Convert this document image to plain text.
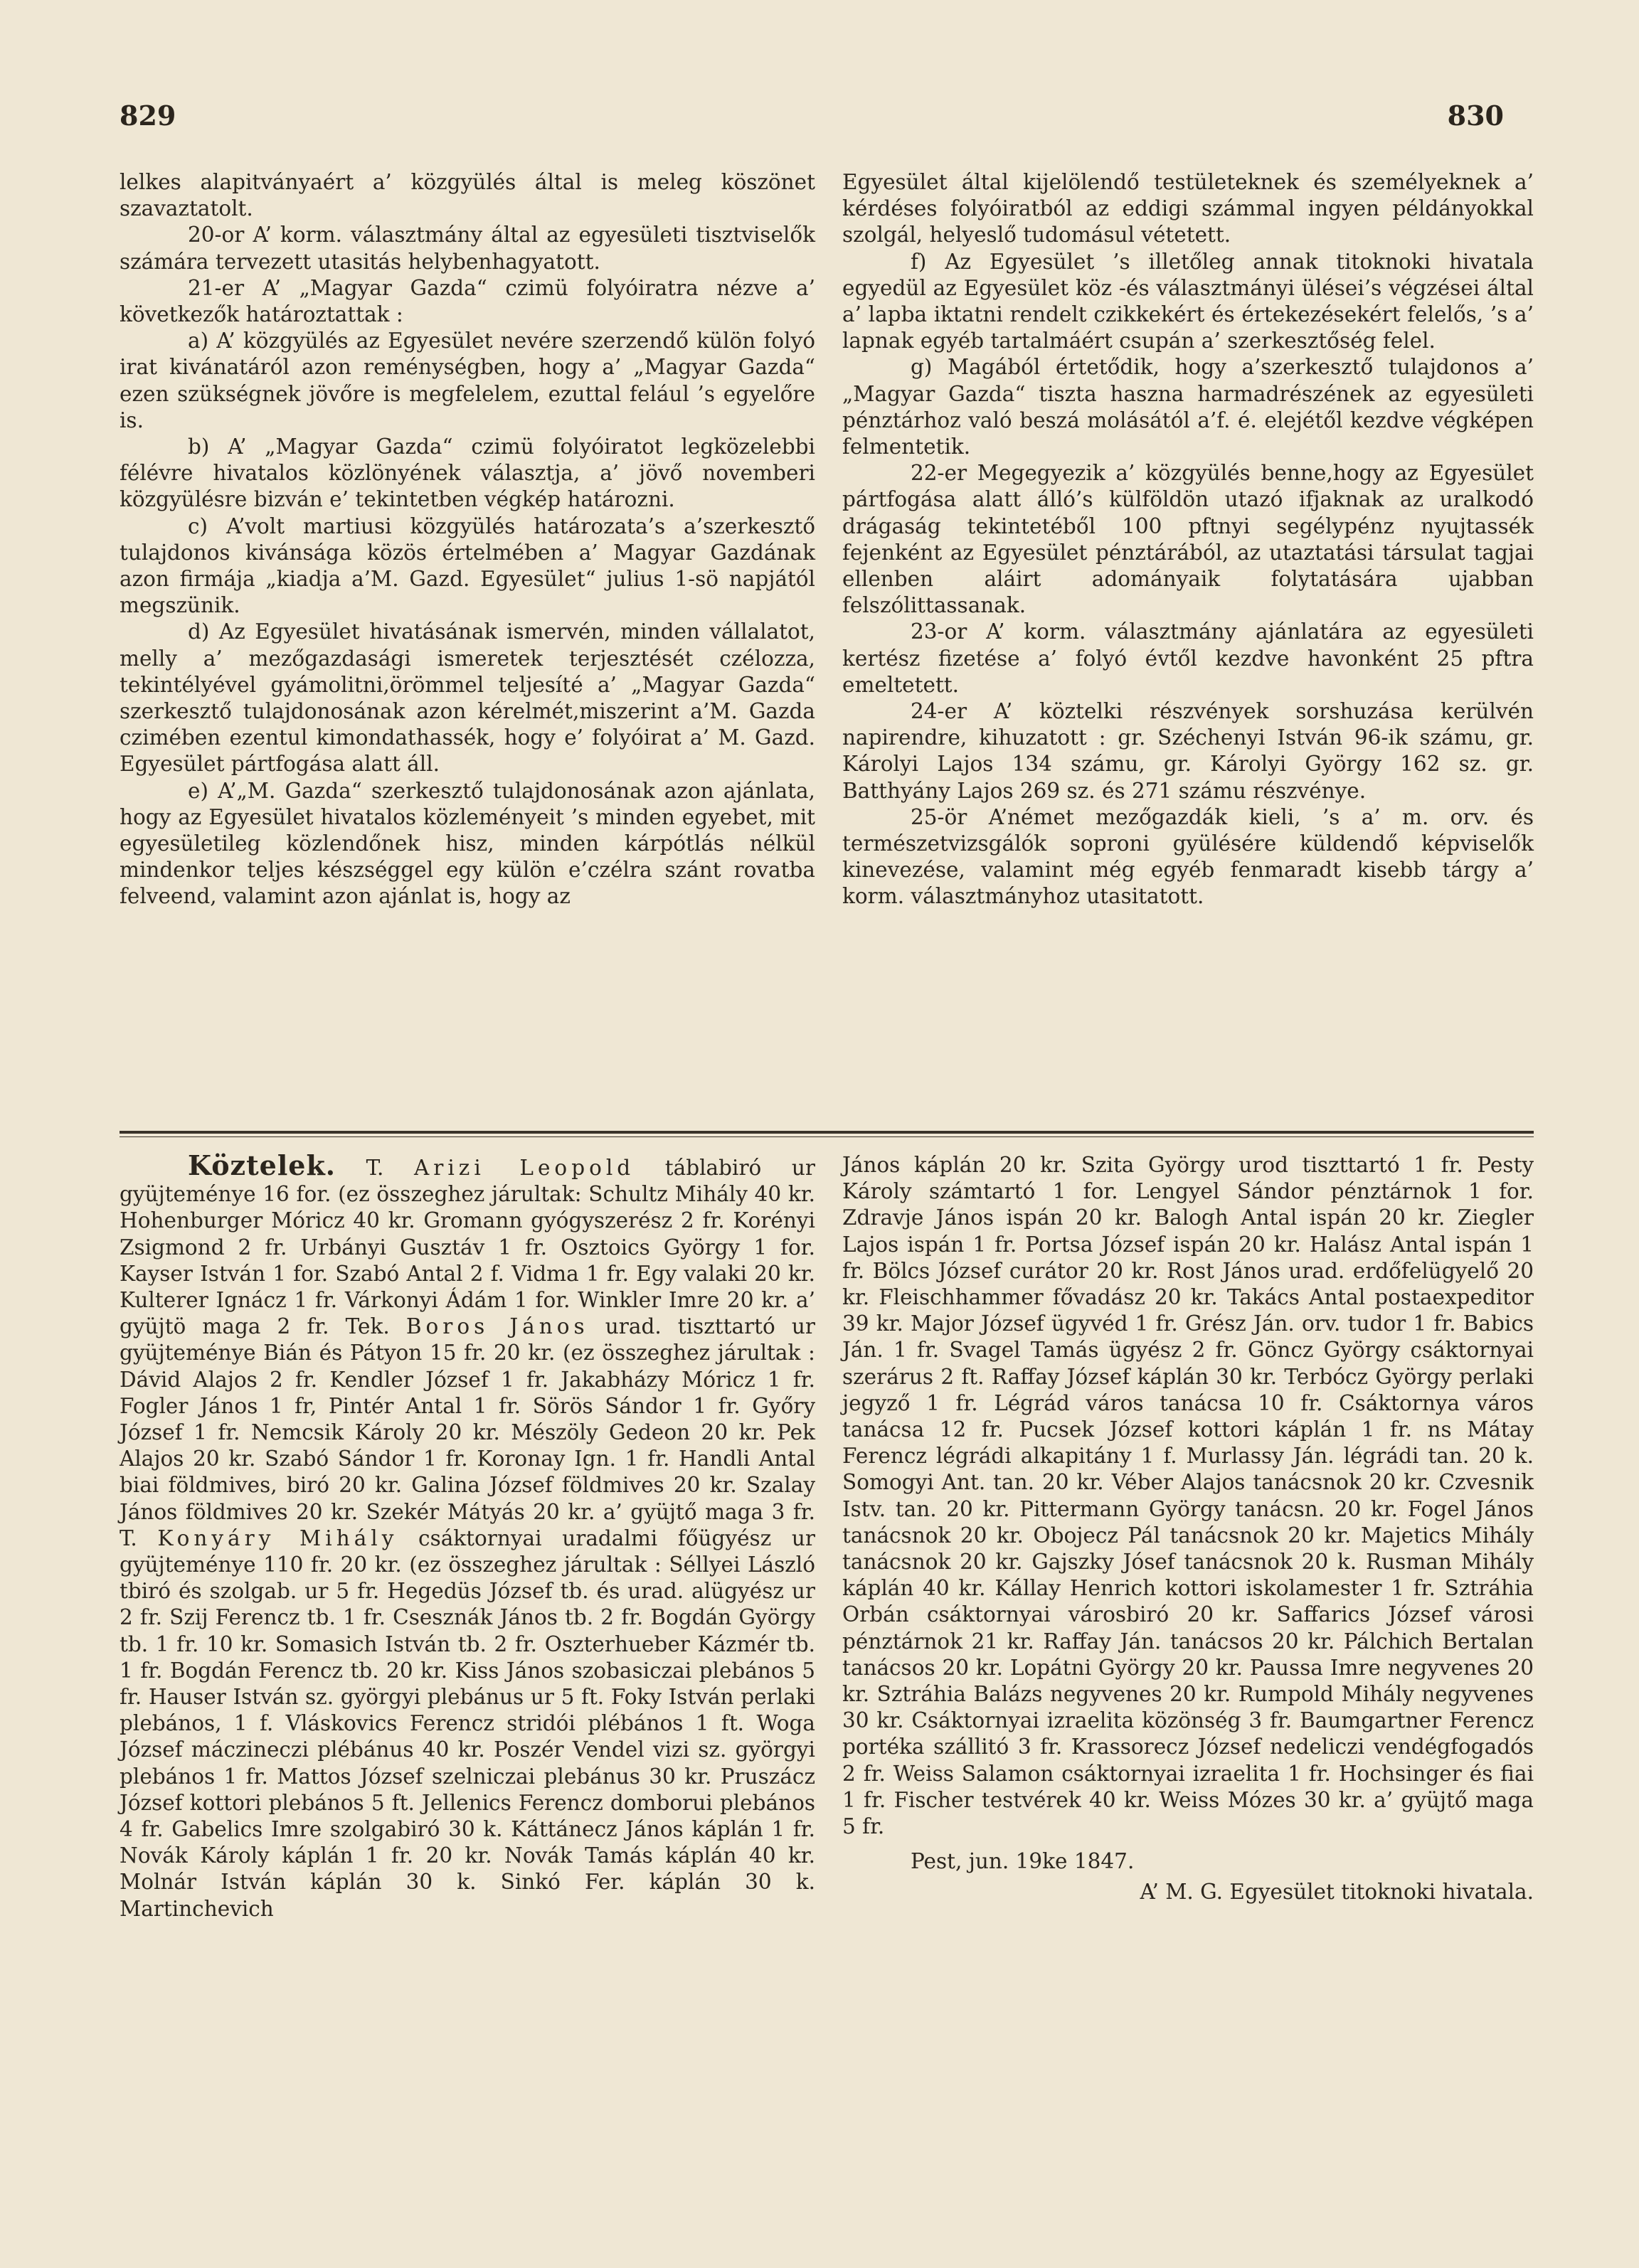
829	830

lelkes alapitványaért a’ közgyülés által is meleg köszönet szavaztatolt.

20-or A’ korm. választmány által az egyesületi tisztviselők számára tervezett utasitás helybenhagyatott.

21-er A’ „Magyar Gazda“ czimü folyóiratra nézve a’ következők határoztattak :

a) A’ közgyülés az Egyesület nevére szerzendő külön folyó irat kivánatáról azon reménységben, hogy a’ „Magyar Gazda“ ezen szükségnek jövőre is megfelelem, ezuttal felául ’s egyelőre is.

b) A’ „Magyar Gazda“ czimü folyóiratot legközelebbi félévre hivatalos közlönyének választja, a’ jövő novemberi közgyülésre bizván e’ tekintetben végkép határozni.

c) A’volt martiusi közgyülés határozata’s a’szerkesztő tulajdonos kivánsága közös értelmében a’ Magyar Gazdának azon firmája „kiadja a’M. Gazd. Egyesület“ julius 1-sö napjától megszünik.

d) Az Egyesület hivatásának ismervén, minden vállalatot, melly a’ mezőgazdasági ismeretek terjesztését czélozza, tekintélyével gyámolitni,örömmel teljesíté a’ „Magyar Gazda“ szerkesztő tulajdonosának azon kérelmét,miszerint a’M. Gazda czimében ezentul kimondathassék, hogy e’ folyóirat a’ M. Gazd. Egyesület pártfogása alatt áll.

e) A’„M. Gazda“ szerkesztő tulajdonosának azon ajánlata, hogy az Egyesület hivatalos közleményeit ’s minden egyebet, mit egyesületileg közlendőnek hisz, minden kárpótlás nélkül mindenkor teljes készséggel egy külön e’czélra szánt rovatba felveend, valamint azon ajánlat is, hogy az

Egyesület által kijelölendő testületeknek és személyeknek a’ kérdéses folyóiratból az eddigi számmal ingyen példányokkal szolgál, helyeslő tudomásul vétetett.

f) Az Egyesület ’s illetőleg annak titoknoki hivatala egyedül az Egyesület köz -és választmányi ülései’s végzései által a’ lapba iktatni rendelt czikkekért és értekezésekért felelős, ’s a’ lapnak egyéb tartalmáért csupán a’ szerkesztőség felel.

g) Magából értetődik, hogy a’szerkesztő tulajdonos a’ „Magyar Gazda“ tiszta haszna harmadrészének az egyesületi pénztárhoz való beszá molásától a’f. é. elejétől kezdve végképen felmentetik.

22-er Megegyezik a’ közgyülés benne,hogy az Egyesület pártfogása alatt álló’s külföldön utazó ifjaknak az uralkodó drágaság tekintetéből 100 pftnyi segélypénz nyujtassék fejenként az Egyesület pénztárából, az utaztatási társulat tagjai ellenben aláirt adományaik folytatására ujabban felszólittassanak.

23-or A’ korm. választmány ajánlatára az egyesületi kertész fizetése a’ folyó évtől kezdve havonként 25 pftra emeltetett.

24-er A’ köztelki részvények sorshuzása kerülvén napirendre, kihuzatott : gr. Széchenyi István 96-ik számu, gr. Károlyi Lajos 134 számu, gr. Károlyi György 162 sz. gr. Batthyány Lajos 269 sz. és 271 számu részvénye.

25-ör A’német mezőgazdák kieli, ’s a’ m. orv. és természetvizsgálók soproni gyülésére küldendő képviselők kinevezése, valamint még egyéb fenmaradt kisebb tárgy a’ korm. választmányhoz utasitatott.

Köztelek. T. Arizi Leopold táblabiró ur gyüjteménye 16 for. (ez összeghez járultak: Schultz Mihály 40 kr. Hohenburger Móricz 40 kr. Gromann gyógyszerész 2 fr. Korényi Zsigmond 2 fr. Urbányi Gusztáv 1 fr. Osztoics György 1 for. Kayser István 1 for. Szabó Antal 2 f. Vidma 1 fr. Egy valaki 20 kr. Kulterer Ignácz 1 fr. Várkonyi Ádám 1 for. Winkler Imre 20 kr. a’ gyüjtö maga 2 fr. Tek. Boros János urad. tiszttartó ur gyüjteménye Bián és Pátyon 15 fr. 20 kr. (ez összeghez járultak : Dávid Alajos 2 fr. Kendler József 1 fr. Jakabházy Móricz 1 fr. Fogler János 1 fr, Pintér Antal 1 fr. Sörös Sándor 1 fr. Győry József 1 fr. Nemcsik Károly 20 kr. Mészöly Gedeon 20 kr. Pek Alajos 20 kr. Szabó Sándor 1 fr. Koronay Ign. 1 fr. Handli Antal biai földmives, biró 20 kr. Galina József földmives 20 kr. Szalay János földmives 20 kr. Szekér Mátyás 20 kr. a’ gyüjtő maga 3 fr. T. Konyáry Mihály csáktornyai uradalmi főügyész ur gyüjteménye 110 fr. 20 kr. (ez összeghez járultak : Séllyei László tbiró és szolgab. ur 5 fr. Hegedüs József tb. és urad. alügyész ur 2 fr. Szij Ferencz tb. 1 fr. Csesznák János tb. 2 fr. Bogdán György tb. 1 fr. 10 kr. Somasich István tb. 2 fr. Oszterhueber Kázmér tb. 1 fr. Bogdán Ferencz tb. 20 kr. Kiss János szobasiczai plebános 5 fr. Hauser István sz. györgyi plebánus ur 5 ft. Foky István perlaki plebános, 1 f. Vláskovics Ferencz stridói plébános 1 ft. Woga József máczineczi plébánus 40 kr. Poszér Vendel vizi sz. györgyi plebános 1 fr. Mattos József szelniczai plebánus 30 kr. Pruszácz József kottori plebános 5 ft. Jellenics Ferencz domborui plebános 4 fr. Gabelics Imre szolgabiró 30 k. Káttánecz János káplán 1 fr. Novák Károly káplán 1 fr. 20 kr. Novák Tamás káplán 40 kr. Molnár István káplán 30 k. Sinkó Fer. káplán 30 k. Martinchevich

János káplán 20 kr. Szita György urod tiszttartó 1 fr. Pesty Károly számtartó 1 for. Lengyel Sándor pénztárnok 1 for. Zdravje János ispán 20 kr. Balogh Antal ispán 20 kr. Ziegler Lajos ispán 1 fr. Portsa József ispán 20 kr. Halász Antal ispán 1 fr. Bölcs József curátor 20 kr. Rost János urad. erdőfelügyelő 20 kr. Fleischhammer fővadász 20 kr. Takács Antal postaexpeditor 39 kr. Major József ügyvéd 1 fr. Grész Ján. orv. tudor 1 fr. Babics Ján. 1 fr. Svagel Tamás ügyész 2 fr. Göncz György csáktornyai szerárus 2 ft. Raffay József káplán 30 kr. Terbócz György perlaki jegyző 1 fr. Légrád város tanácsa 10 fr. Csáktornya város tanácsa 12 fr. Pucsek József kottori káplán 1 fr. ns Mátay Ferencz légrádi alkapitány 1 f. Murlassy Ján. légrádi tan. 20 k. Somogyi Ant. tan. 20 kr. Véber Alajos tanácsnok 20 kr. Czvesnik Istv. tan. 20 kr. Pittermann György tanácsn. 20 kr. Fogel János tanácsnok 20 kr. Obojecz Pál tanácsnok 20 kr. Majetics Mihály tanácsnok 20 kr. Gajszky Jósef tanácsnok 20 k. Rusman Mihály káplán 40 kr. Kállay Henrich kottori iskolamester 1 fr. Sztráhia Orbán csáktornyai városbiró 20 kr. Saffarics József városi pénztárnok 21 kr. Raffay Ján. tanácsos 20 kr. Pálchich Bertalan tanácsos 20 kr. Lopátni György 20 kr. Paussa Imre negyvenes 20 kr. Sztráhia Balázs negyvenes 20 kr. Rumpold Mihály negyvenes 30 kr. Csáktornyai izraelita közönség 3 fr. Baumgartner Ferencz portéka szállitó 3 fr. Krassorecz József nedeliczi vendégfogadós 2 fr. Weiss Salamon csáktornyai izraelita 1 fr. Hochsinger és fiai 1 fr. Fischer testvérek 40 kr. Weiss Mózes 30 kr. a’ gyüjtő maga 5 fr.

Pest, jun. 19ke 1847.

A’ M. G. Egyesület titoknoki hivatala.
